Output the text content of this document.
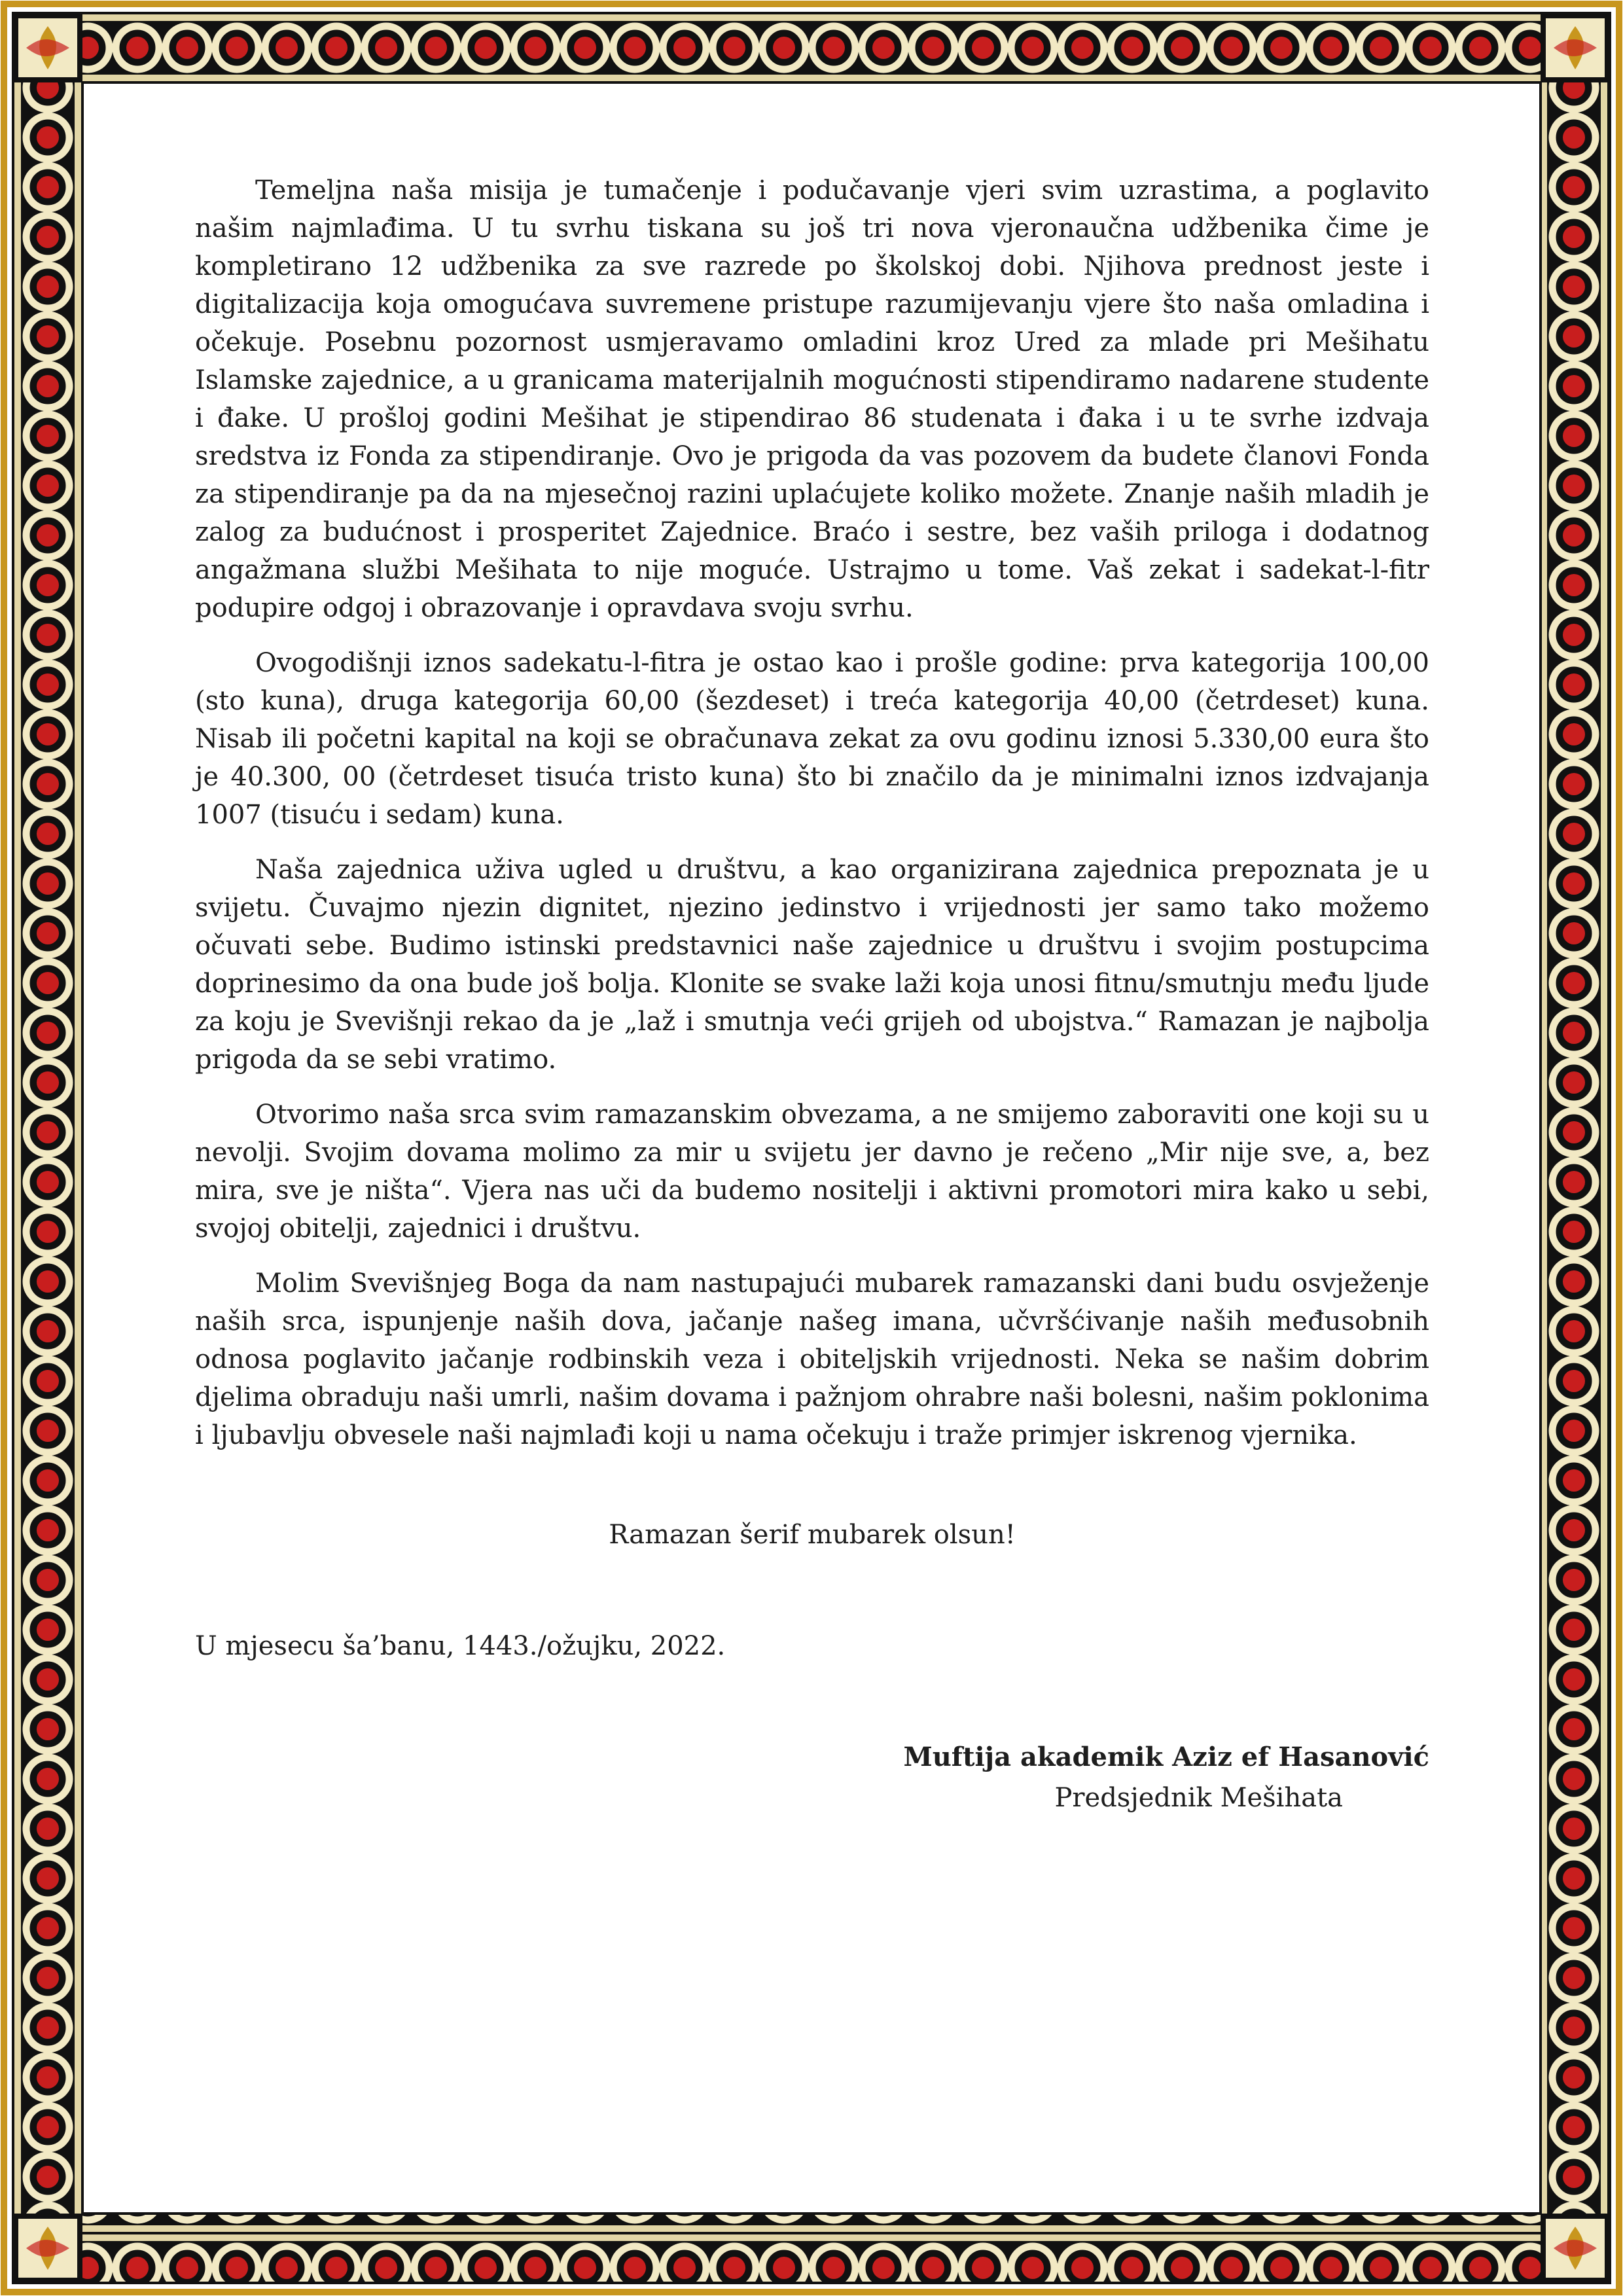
Temeljna naša misija je tumačenje i podučavanje vjeri svim uzrastima, a poglavito našim najmlađima. U tu svrhu tiskana su još tri nova vjeronaučna udžbenika čime je kompletirano 12 udžbenika za sve razrede po školskoj dobi. Njihova prednost jeste i digitalizacija koja omogućava suvremene pristupe razumijevanju vjere što naša omladina i očekuje. Posebnu pozornost usmjeravamo omladini kroz Ured za mlade pri Mešihatu Islamske zajednice, a u granicama materijalnih mogućnosti stipendiramo nadarene studente i đake. U prošloj godini Mešihat je stipendirao 86 studenata i đaka i u te svrhe izdvaja sredstva iz Fonda za stipendiranje. Ovo je prigoda da vas pozovem da budete članovi Fonda za stipendiranje pa da na mjesečnoj razini uplaćujete koliko možete. Znanje naših mladih je zalog za budućnost i prosperitet Zajednice. Braćo i sestre, bez vaših priloga i dodatnog angažmana službi Mešihata to nije moguće. Ustrajmo u tome. Vaš zekat i sadekat-l-fitr podupire odgoj i obrazovanje i opravdava svoju svrhu.

Ovogodišnji iznos sadekatu-l-fitra je ostao kao i prošle godine: prva kategorija 100,00 (sto kuna), druga kategorija 60,00 (šezdeset) i treća kategorija 40,00 (četrdeset) kuna. Nisab ili početni kapital na koji se obračunava zekat za ovu godinu iznosi 5.330,00 eura što je 40.300, 00 (četrdeset tisuća tristo kuna) što bi značilo da je minimalni iznos izdvajanja 1007 (tisuću i sedam) kuna.

Naša zajednica uživa ugled u društvu, a kao organizirana zajednica prepoznata je u svijetu. Čuvajmo njezin dignitet, njezino jedinstvo i vrijednosti jer samo tako možemo očuvati sebe. Budimo istinski predstavnici naše zajednice u društvu i svojim postupcima doprinesimo da ona bude još bolja. Klonite se svake laži koja unosi fitnu/smutnju među ljude za koju je Svevišnji rekao da je „laž i smutnja veći grijeh od ubojstva.“ Ramazan je najbolja prigoda da se sebi vratimo.

Otvorimo naša srca svim ramazanskim obvezama, a ne smijemo zaboraviti one koji su u nevolji. Svojim dovama molimo za mir u svijetu jer davno je rečeno „Mir nije sve, a, bez mira, sve je ništa“. Vjera nas uči da budemo nositelji i aktivni promotori mira kako u sebi, svojoj obitelji, zajednici i društvu.

Molim Svevišnjeg Boga da nam nastupajući mubarek ramazanski dani budu osvježenje naših srca, ispunjenje naših dova, jačanje našeg imana, učvršćivanje naših međusobnih odnosa poglavito jačanje rodbinskih veza i obiteljskih vrijednosti. Neka se našim dobrim djelima obraduju naši umrli, našim dovama i pažnjom ohrabre naši bolesni, našim poklonima i ljubavlju obvesele naši najmlađi koji u nama očekuju i traže primjer iskrenog vjernika.

Ramazan šerif mubarek olsun!
U mjesecu ša’banu, 1443./ožujku, 2022.
Muftija akademik Aziz ef Hasanović
Predsjednik Mešihata
